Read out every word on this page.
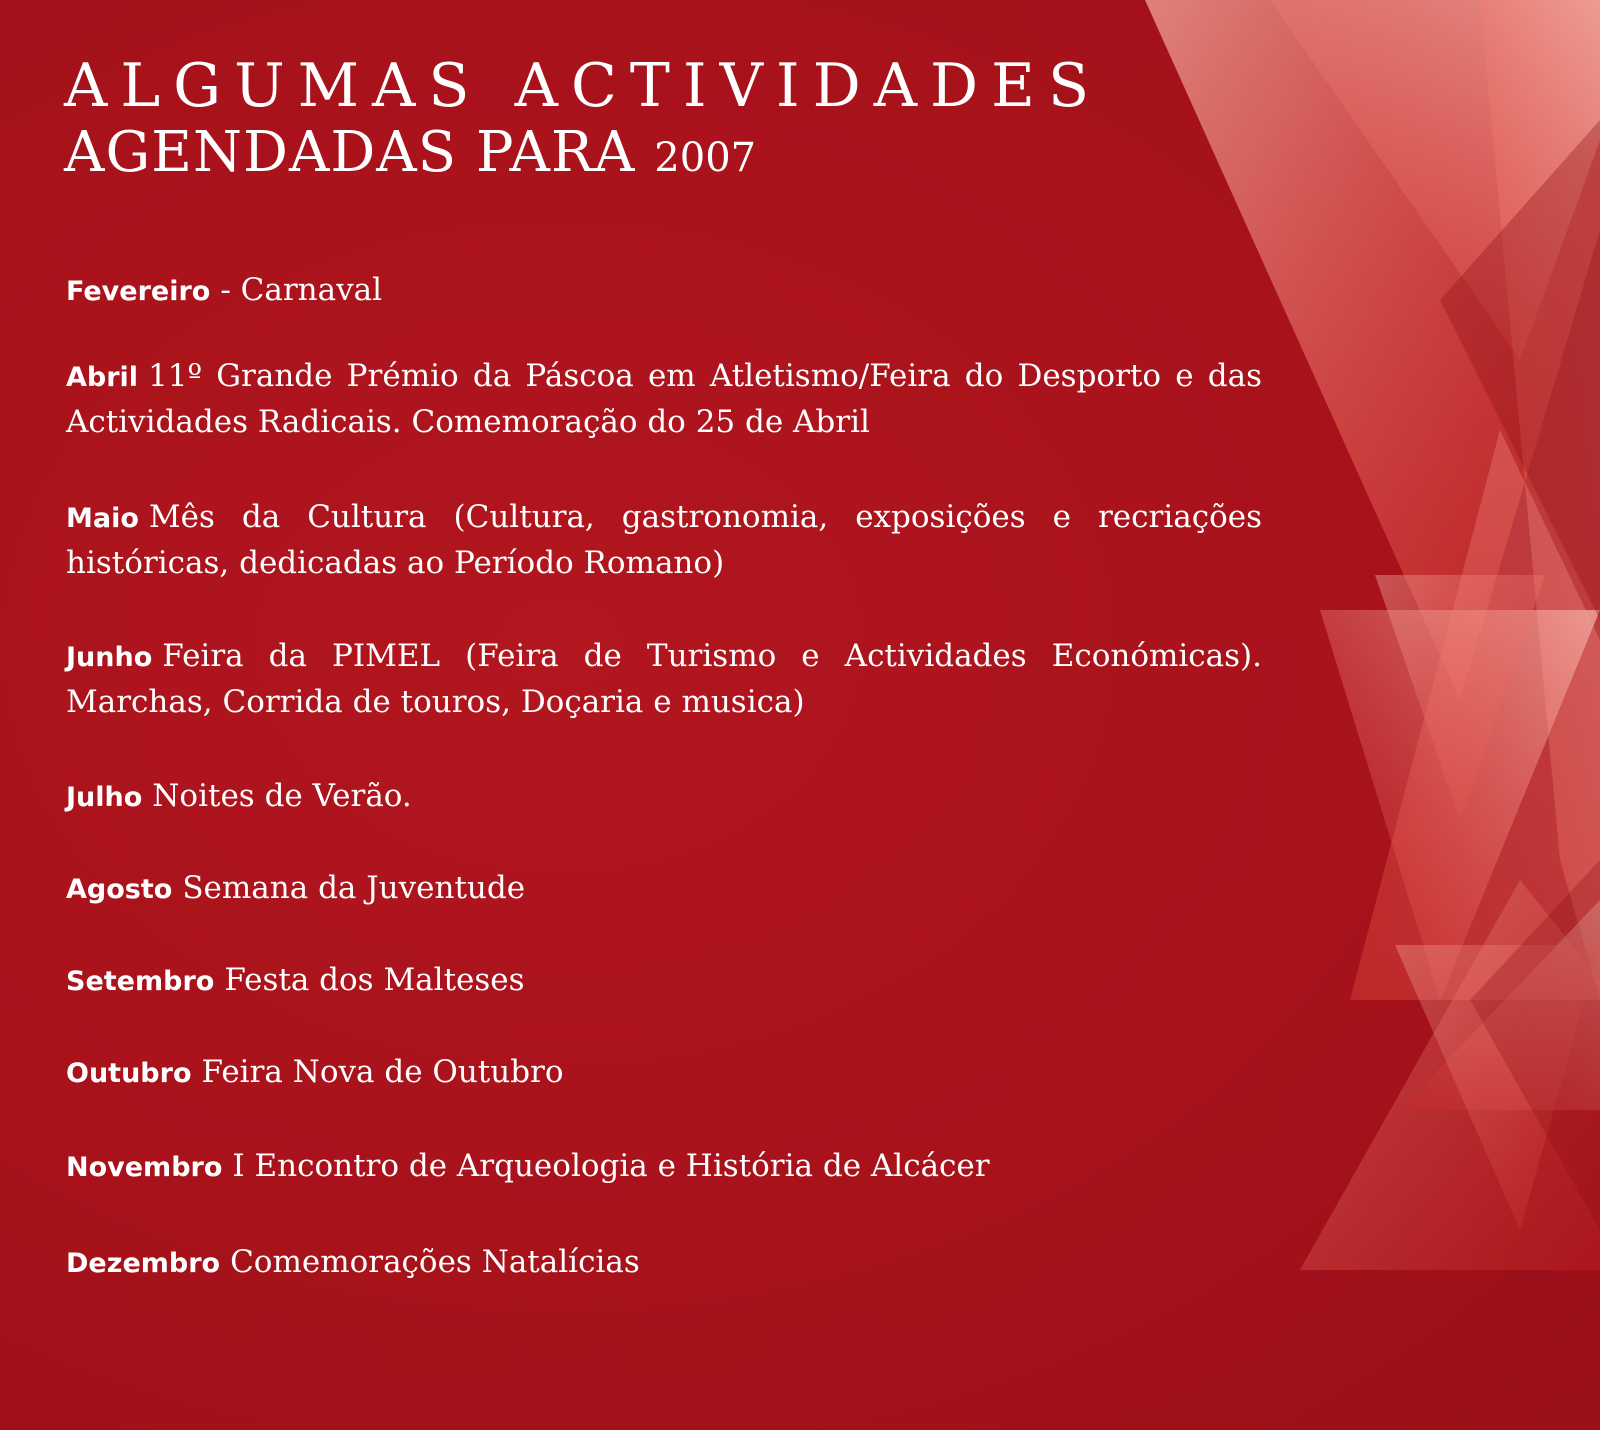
ALGUMAS ACTIVIDADES
AGENDADAS PARA 2007
Fevereiro - Carnaval
Abril 11º Grande Prémio da Páscoa em Atletismo/Feira do Desporto e das Actividades Radicais. Comemoração do 25 de Abril
Maio Mês da Cultura (Cultura, gastronomia, exposições e recriações históricas, dedicadas ao Período Romano)
Junho Feira da PIMEL (Feira de Turismo e Actividades Económicas). Marchas, Corrida de touros, Doçaria e musica)
Julho Noites de Verão.
Agosto Semana da Juventude
Setembro Festa dos Malteses
Outubro Feira Nova de Outubro
Novembro I Encontro de Arqueologia e História de Alcácer
Dezembro Comemorações Natalícias
